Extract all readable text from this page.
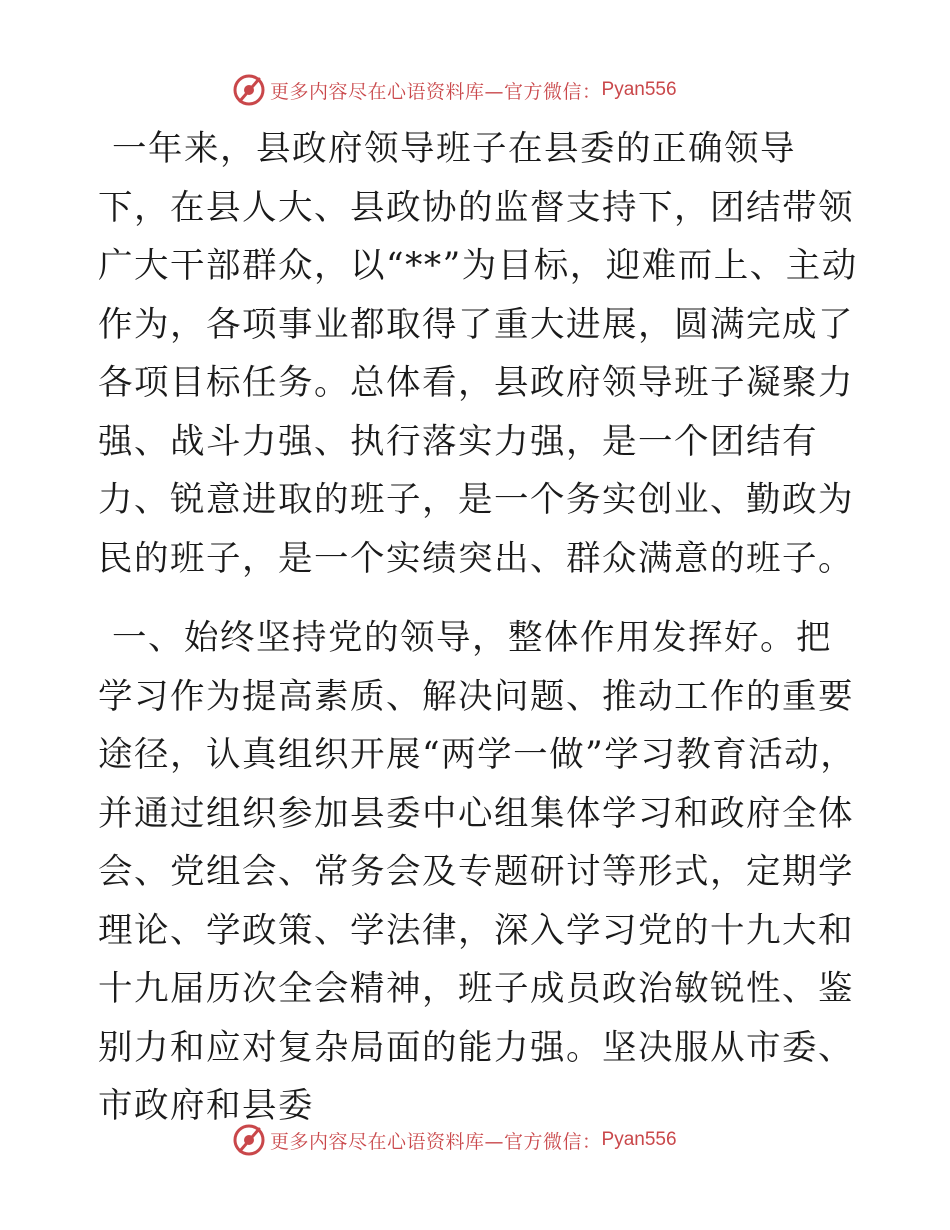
更多内容尽在心语资料库—官方微信： Pyan556

一年来，县政府领导班子在县委的正确领导下，在县人大、县政协的监督支持下，团结带领广大干部群众，以“**”为目标，迎难而上、主动作为，各项事业都取得了重大进展，圆满完成了各项目标任务。总体看，县政府领导班子凝聚力强、战斗力强、执行落实力强，是一个团结有力、锐意进取的班子，是一个务实创业、勤政为民的班子，是一个实绩突出、群众满意的班子。

一、始终坚持党的领导，整体作用发挥好。把学习作为提高素质、解决问题、推动工作的重要途径，认真组织开展“两学一做”学习教育活动，并通过组织参加县委中心组集体学习和政府全体会、党组会、常务会及专题研讨等形式，定期学理论、学政策、学法律，深入学习党的十九大和十九届历次全会精神，班子成员政治敏锐性、鉴别力和应对复杂局面的能力强。坚决服从市委、市政府和县委

更多内容尽在心语资料库—官方微信： Pyan556
